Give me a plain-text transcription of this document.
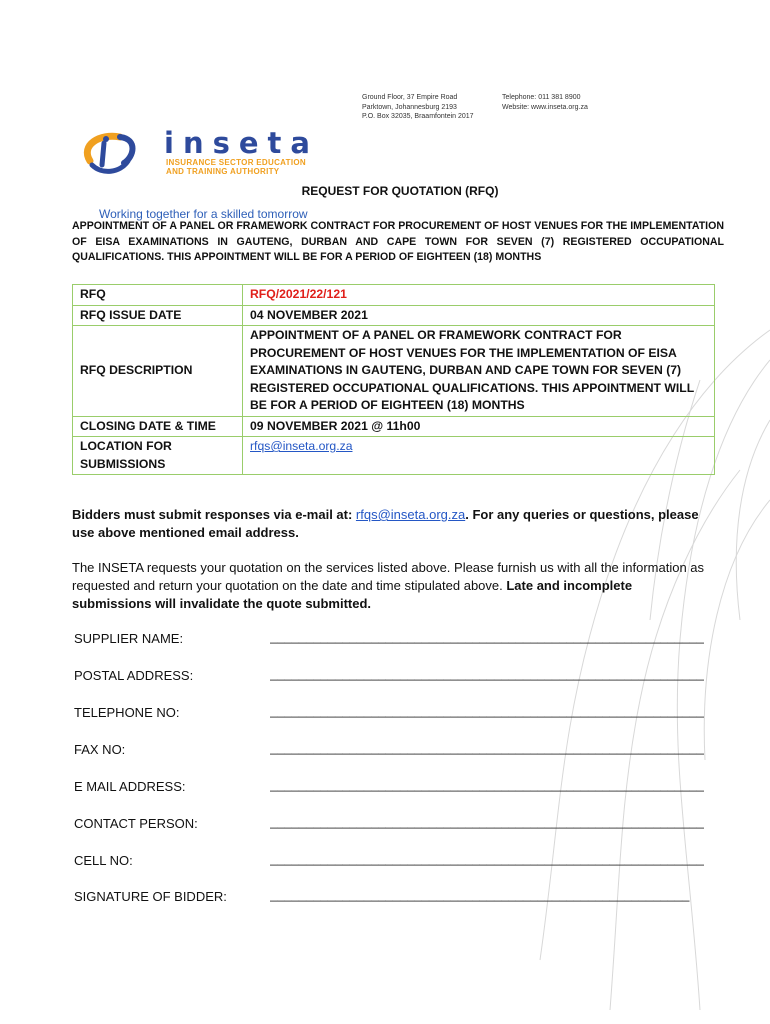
Ground Floor, 37 Empire Road
Parktown, Johannesburg 2193
P.O. Box 32035, Braamfontein 2017
Telephone: 011 381 8900
Website: www.inseta.org.za
inseta
INSURANCE SECTOR EDUCATION
AND TRAINING AUTHORITY
REQUEST FOR QUOTATION (RFQ)
Working together for a skilled tomorrow
APPOINTMENT OF A PANEL OR FRAMEWORK CONTRACT FOR PROCUREMENT OF HOST VENUES FOR THE IMPLEMENTATION OF EISA EXAMINATIONS IN GAUTENG, DURBAN AND CAPE TOWN FOR SEVEN (7) REGISTERED OCCUPATIONAL QUALIFICATIONS. THIS APPOINTMENT WILL BE FOR A PERIOD OF EIGHTEEN (18) MONTHS
RFQ	RFQ/2021/22/121
RFQ ISSUE DATE	04 NOVEMBER 2021
RFQ DESCRIPTION	APPOINTMENT OF A PANEL OR FRAMEWORK CONTRACT FOR PROCUREMENT OF HOST VENUES FOR THE IMPLEMENTATION OF EISA EXAMINATIONS IN GAUTENG, DURBAN AND CAPE TOWN FOR SEVEN (7) REGISTERED OCCUPATIONAL QUALIFICATIONS. THIS APPOINTMENT WILL BE FOR A PERIOD OF EIGHTEEN (18) MONTHS
CLOSING DATE & TIME	09 NOVEMBER 2021 @ 11h00
LOCATION FOR SUBMISSIONS	rfqs@inseta.org.za
Bidders must submit responses via e-mail at: rfqs@inseta.org.za. For any queries or questions, please use above mentioned email address.
The INSETA requests your quotation on the services listed above. Please furnish us with all the information as requested and return your quotation on the date and time stipulated above. Late and incomplete submissions will invalidate the quote submitted.
SUPPLIER NAME:	____________________________________________________________
POSTAL ADDRESS:	____________________________________________________________
TELEPHONE NO:	____________________________________________________________
FAX NO:	____________________________________________________________
E MAIL ADDRESS:	____________________________________________________________
CONTACT PERSON:	____________________________________________________________
CELL NO:	____________________________________________________________
SIGNATURE OF BIDDER:	__________________________________________________________
